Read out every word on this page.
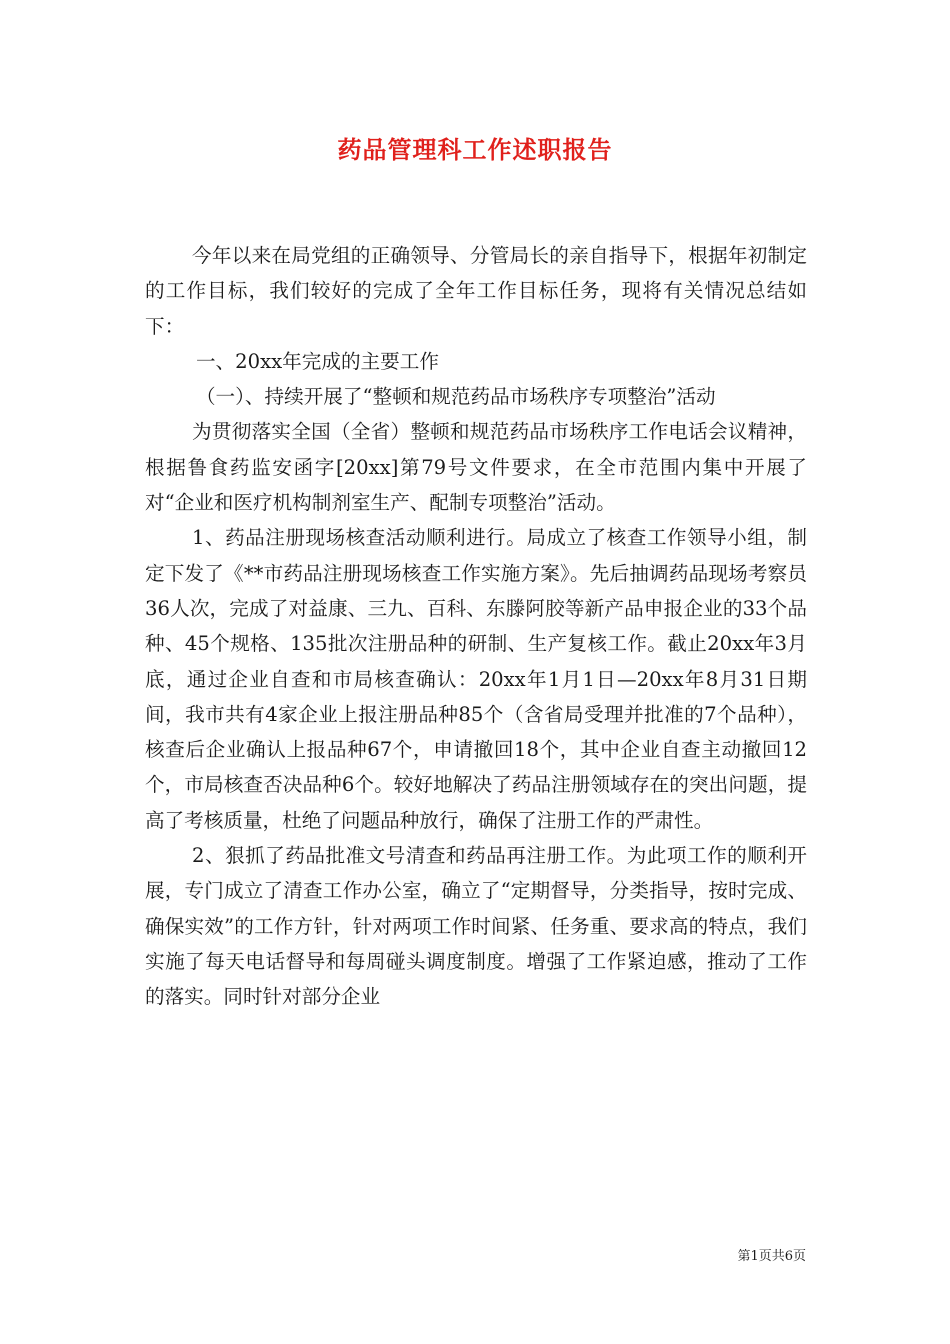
药品管理科工作述职报告

今年以来在局党组的正确领导、分管局长的亲自指导下，根据年初制定的工作目标，我们较好的完成了全年工作目标任务，现将有关情况总结如下：

一、20xx年完成的主要工作

（一）、持续开展了“整顿和规范药品市场秩序专项整治”活动

为贯彻落实全国（全省）整顿和规范药品市场秩序工作电话会议精神，根据鲁食药监安函字[20xx]第79号文件要求，在全市范围内集中开展了对“企业和医疗机构制剂室生产、配制专项整治”活动。

1、药品注册现场核查活动顺利进行。局成立了核查工作领导小组，制定下发了《**市药品注册现场核查工作实施方案》。先后抽调药品现场考察员36人次，完成了对益康、三九、百科、东滕阿胶等新产品申报企业的33个品种、45个规格、135批次注册品种的研制、生产复核工作。截止20xx年3月底，通过企业自查和市局核查确认：20xx年1月1日—20xx年8月31日期间，我市共有4家企业上报注册品种85个（含省局受理并批准的7个品种），核查后企业确认上报品种67个，申请撤回18个，其中企业自查主动撤回12个，市局核查否决品种6个。较好地解决了药品注册领域存在的突出问题，提高了考核质量，杜绝了问题品种放行，确保了注册工作的严肃性。

2、狠抓了药品批准文号清查和药品再注册工作。为此项工作的顺利开展，专门成立了清查工作办公室，确立了“定期督导，分类指导，按时完成、确保实效”的工作方针，针对两项工作时间紧、任务重、要求高的特点，我们实施了每天电话督导和每周碰头调度制度。增强了工作紧迫感，推动了工作的落实。同时针对部分企业

第1页共6页
